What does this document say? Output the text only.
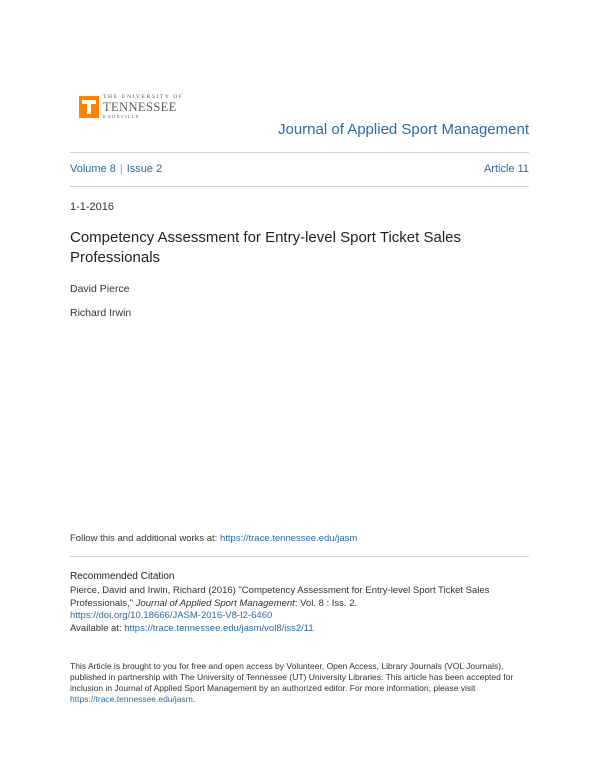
THE UNIVERSITY OF
TENNESSEE
KNOXVILLE
Journal of Applied Sport Management
Volume 8 | Issue 2	Article 11
1-1-2016
Competency Assessment for Entry-level Sport Ticket Sales Professionals
David Pierce
Richard Irwin
Follow this and additional works at: https://trace.tennessee.edu/jasm
Recommended Citation
Pierce, David and Irwin, Richard (2016) "Competency Assessment for Entry-level Sport Ticket Sales Professionals," Journal of Applied Sport Management: Vol. 8 : Iss. 2.
https://doi.org/10.18666/JASM-2016-V8-I2-6460
Available at: https://trace.tennessee.edu/jasm/vol8/iss2/11
This Article is brought to you for free and open access by Volunteer, Open Access, Library Journals (VOL Journals), published in partnership with The University of Tennessee (UT) University Libraries. This article has been accepted for inclusion in Journal of Applied Sport Management by an authorized editor. For more information, please visit https://trace.tennessee.edu/jasm.
